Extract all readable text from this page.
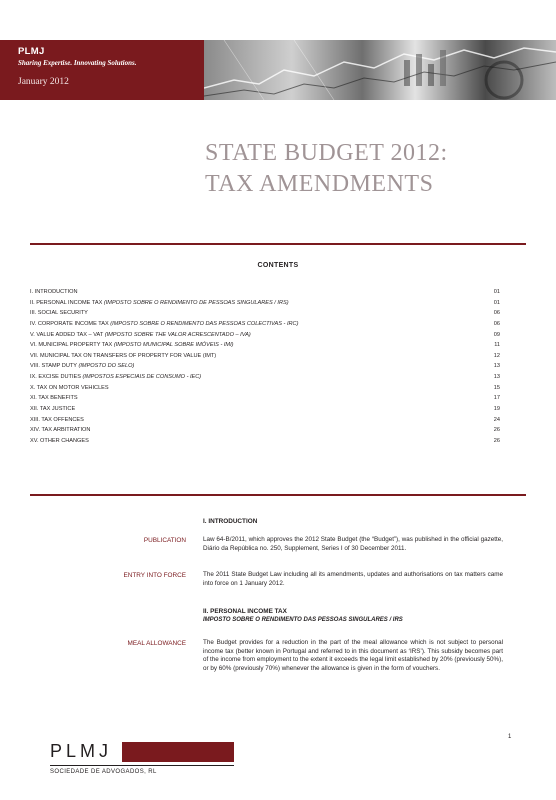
PLMJ
Sharing Expertise. Innovating Solutions.
January 2012
STATE BUDGET 2012:
TAX AMENDMENTS
CONTENTS
I. INTRODUCTION	01
II. PERSONAL INCOME TAX (IMPOSTO SOBRE O RENDIMENTO DE PESSOAS SINGULARES / IRS)	01
III. SOCIAL SECURITY	06
IV. CORPORATE INCOME TAX (IMPOSTO SOBRE O RENDIMENTO DAS PESSOAS COLECTIVAS - IRC)	06
V. VALUE ADDED TAX – VAT (IMPOSTO SOBRE THE VALOR ACRESCENTADO – IVA)	09
VI. MUNICIPAL PROPERTY TAX (IMPOSTO MUNICIPAL SOBRE IMÓVEIS - IMI)	11
VII. MUNICIPAL TAX ON TRANSFERS OF PROPERTY FOR VALUE (IMT)	12
VIII. STAMP DUTY (IMPOSTO DO SELO)	13
IX. EXCISE DUTIES (IMPOSTOS ESPECIAIS DE CONSUMO - IEC)	13
X. TAX ON MOTOR VEHICLES	15
XI. TAX BENEFITS	17
XII. TAX JUSTICE	19
XIII. TAX OFFENCES	24
XIV. TAX ARBITRATION	26
XV. OTHER CHANGES	26
I. INTRODUCTION
PUBLICATION	Law 64-B/2011, which approves the 2012 State Budget (the “Budget”), was published in the official gazette, Diário da República no. 250, Supplement, Series I of 30 December 2011.
ENTRY INTO FORCE	The 2011 State Budget Law including all its amendments, updates and authorisations on tax matters came into force on 1 January 2012.
II. PERSONAL INCOME TAX
IMPOSTO SOBRE O RENDIMENTO DAS PESSOAS SINGULARES / IRS
MEAL ALLOWANCE	The Budget provides for a reduction in the part of the meal allowance which is not subject to personal income tax (better known in Portugal and referred to in this document as ‘IRS’). This subsidy becomes part of the income from employment to the extent it exceeds the legal limit established by 20% (previously 50%), or by 60% (previously 70%) whenever the allowance is given in the form of vouchers.
1
PLMJ
SOCIEDADE DE ADVOGADOS, RL
